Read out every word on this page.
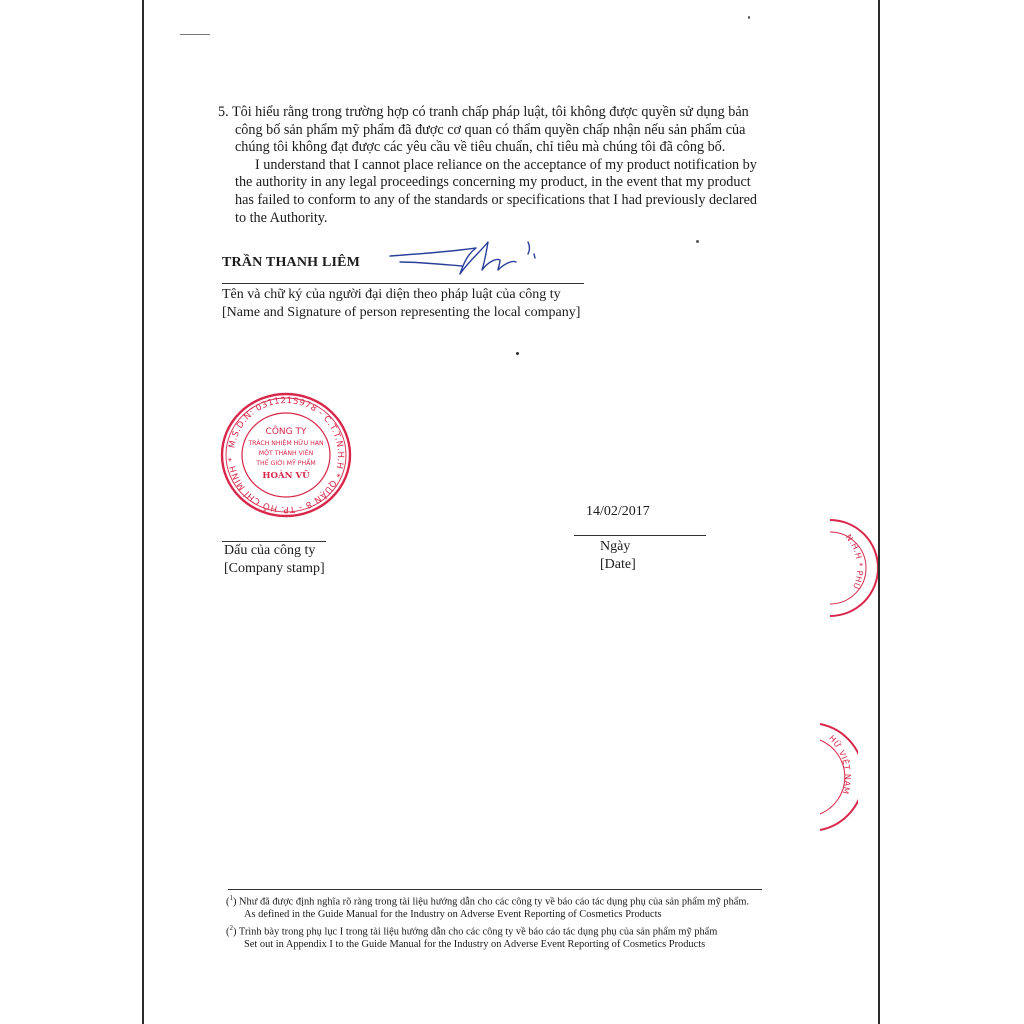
5. Tôi hiểu rằng trong trường hợp có tranh chấp pháp luật, tôi không được quyền sử dụng bản
công bố sản phẩm mỹ phẩm đã được cơ quan có thẩm quyền chấp nhận nếu sản phẩm của
chúng tôi không đạt được các yêu cầu về tiêu chuẩn, chỉ tiêu mà chúng tôi đã công bố.
I understand that I cannot place reliance on the acceptance of my product notification by
the authority in any legal proceedings concerning my product, in the event that my product
has failed to conform to any of the standards or specifications that I had previously declared
to the Authority.
TRẦN THANH LIÊM
Tên và chữ ký của người đại diện theo pháp luật của công ty
[Name and Signature of person representing the local company]
M.S.D.N: 0311215978 - C.T.T.N.H.H * QUẬN 8 - TP. HỒ CHÍ MINH *
CÔNG TY
TRÁCH NHIỆM HỮU HẠN
MỘT THÀNH VIÊN
THẾ GIỚI MỸ PHẨM
HOÀN VŨ
Dấu của công ty
[Company stamp]
14/02/2017
Ngày
[Date]
N.H.H * PHÚ
HỮ VIỆT NAM
($^1$) Như đã được định nghĩa rõ ràng trong tài liệu hướng dẫn cho các công ty về báo cáo tác dụng phụ của sản phẩm mỹ phẩm.
As defined in the Guide Manual for the Industry on Adverse Event Reporting of Cosmetics Products
($^2$) Trình bày trong phụ lục I trong tài liệu hướng dẫn cho các công ty về báo cáo tác dụng phụ của sản phẩm mỹ phẩm
Set out in Appendix I to the Guide Manual for the Industry on Adverse Event Reporting of Cosmetics Products
